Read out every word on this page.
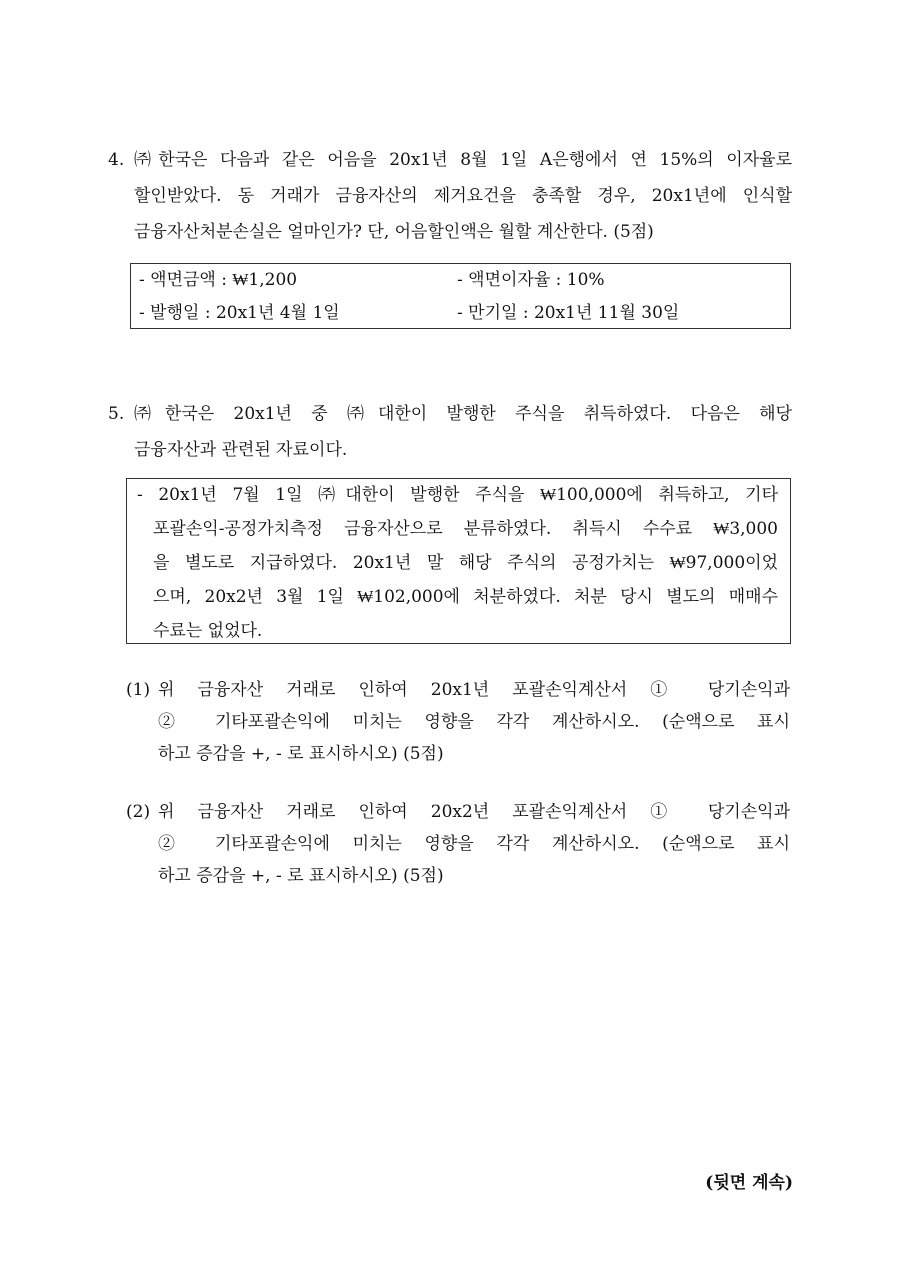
4. ㈜한국은 다음과 같은 어음을 20x1년 8월 1일 A은행에서 연 15%의 이자율로
할인받았다. 동 거래가 금융자산의 제거요건을 충족할 경우, 20x1년에 인식할
금융자산처분손실은 얼마인가? 단, 어음할인액은 월할 계산한다. (5점)
- 액면금액 : ₩1,200	- 액면이자율 : 10%
- 발행일 : 20x1년 4월 1일	- 만기일 : 20x1년 11월 30일
5. ㈜한국은 20x1년 중 ㈜대한이 발행한 주식을 취득하였다. 다음은 해당
금융자산과 관련된 자료이다.
- 20x1년 7월 1일 ㈜대한이 발행한 주식을 ₩100,000에 취득하고, 기타
포괄손익-공정가치측정 금융자산으로 분류하였다. 취득시 수수료 ₩3,000
을 별도로 지급하였다. 20x1년 말 해당 주식의 공정가치는 ₩97,000이었
으며, 20x2년 3월 1일 ₩102,000에 처분하였다. 처분 당시 별도의 매매수
수료는 없었다.
(1) 위 금융자산 거래로 인하여 20x1년 포괄손익계산서 ① 당기손익과
② 기타포괄손익에 미치는 영향을 각각 계산하시오. (순액으로 표시
하고 증감을 +, - 로 표시하시오) (5점)
(2) 위 금융자산 거래로 인하여 20x2년 포괄손익계산서 ① 당기손익과
② 기타포괄손익에 미치는 영향을 각각 계산하시오. (순액으로 표시
하고 증감을 +, - 로 표시하시오) (5점)
(뒷면 계속)
